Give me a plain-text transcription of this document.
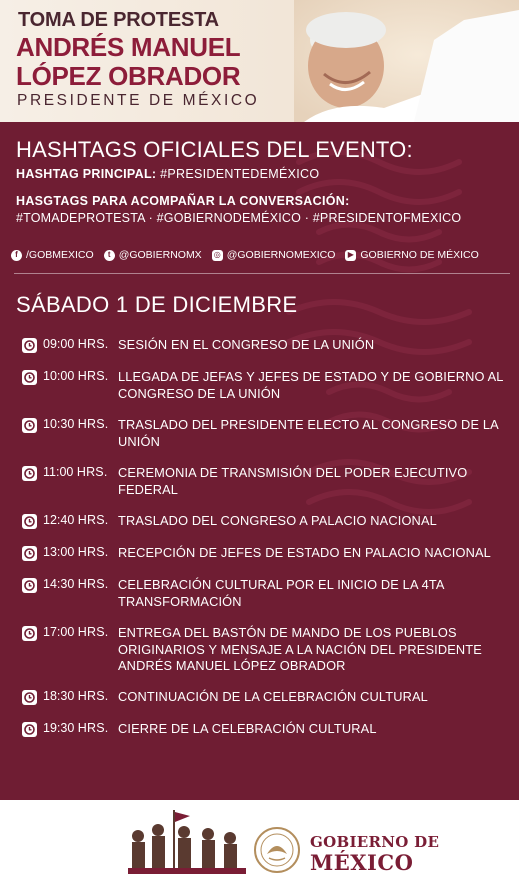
TOMA DE PROTESTA
ANDRÉS MANUEL
LÓPEZ OBRADOR
PRESIDENTE DE MÉXICO
HASHTAGS OFICIALES DEL EVENTO:
HASHTAG PRINCIPAL: #PRESIDENTEDEMÉXICO
HASGTAGS PARA ACOMPAÑAR LA CONVERSACIÓN:
#TOMADEPROTESTA · #GOBIERNODEMÉXICO · #PRESIDENTOFMEXICO
f /GOBMEXICO	t @GOBIERNOMX ◎ @GOBIERNOMEXICO	▶ GOBIERNO DE MÉXICO
SÁBADO 1 DE DICIEMBRE
09:00 HRS. SESIÓN EN EL CONGRESO DE LA UNIÓN
10:00 HRS. LLEGADA DE JEFAS Y JEFES DE ESTADO Y DE GOBIERNO AL CONGRESO DE LA UNIÓN
10:30 HRS. TRASLADO DEL PRESIDENTE ELECTO AL CONGRESO DE LA UNIÓN
11:00 HRS. CEREMONIA DE TRANSMISIÓN DEL PODER EJECUTIVO FEDERAL
12:40 HRS. TRASLADO DEL CONGRESO A PALACIO NACIONAL
13:00 HRS. RECEPCIÓN DE JEFES DE ESTADO EN PALACIO NACIONAL
14:30 HRS. CELEBRACIÓN CULTURAL POR EL INICIO DE LA 4TA TRANSFORMACIÓN
17:00 HRS. ENTREGA DEL BASTÓN DE MANDO DE LOS PUEBLOS ORIGINARIOS Y MENSAJE A LA NACIÓN DEL PRESIDENTE ANDRÉS MANUEL LÓPEZ OBRADOR
18:30 HRS. CONTINUACIÓN DE LA CELEBRACIÓN CULTURAL
19:30 HRS. CIERRE DE LA CELEBRACIÓN CULTURAL
GOBIERNO DE
MÉXICO
